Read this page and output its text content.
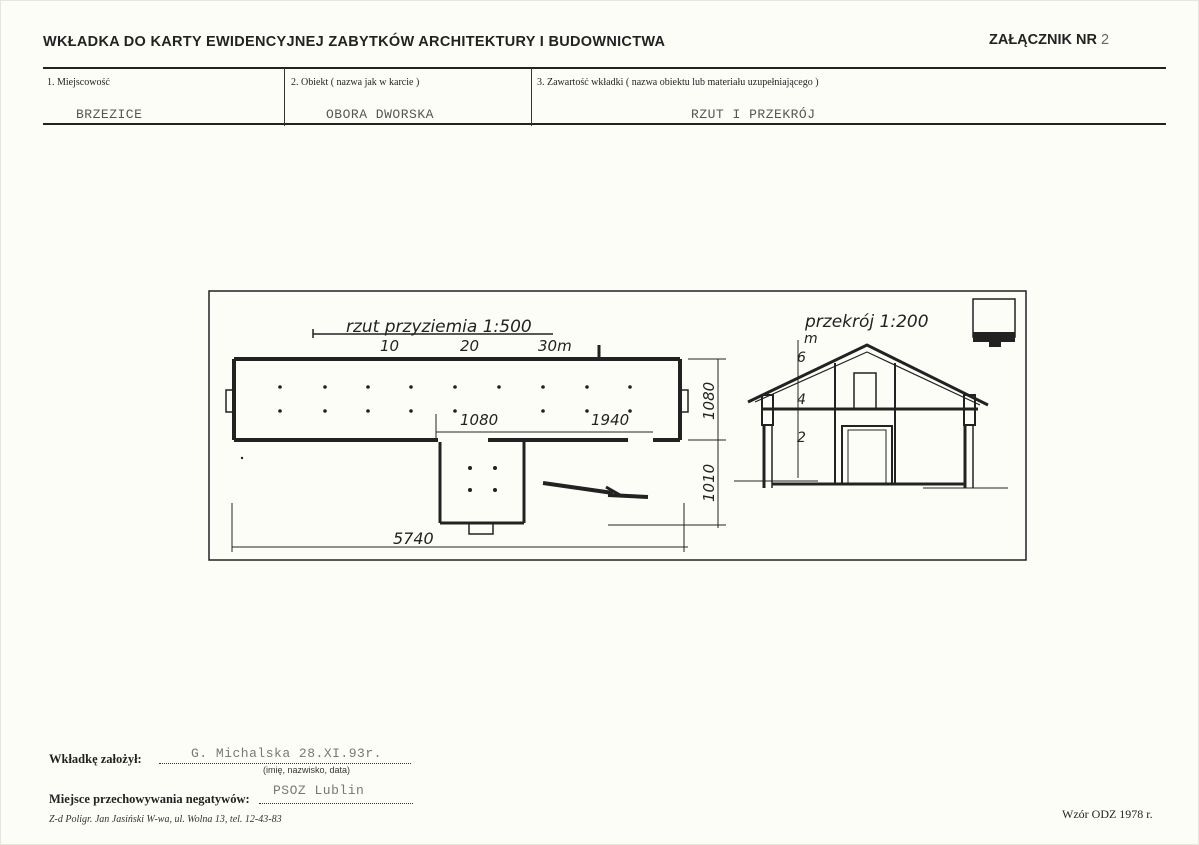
WKŁADKA DO KARTY EWIDENCYJNEJ ZABYTKÓW ARCHITEKTURY I BUDOWNICTWA	ZAŁĄCZNIK NR 2
1. Miejscowość
BRZEZICE
2. Obiekt ( nazwa jak w karcie )
OBORA DWORSKA
3. Zawartość wkładki ( nazwa obiektu lub materiału uzupełniającego )
RZUT I PRZEKRÓJ
rzut przyziemia 1:500
10	20	30m
1080	1940	1080
1010
5740
przekrój 1:200
m
6
4
2
Wkładkę założył:	G. Michalska 28.XI.93r.
(imię, nazwisko, data)
Miejsce przechowywania negatywów:
PSOZ Lublin
Z-d Poligr. Jan Jasiński W-wa, ul. Wolna 13, tel. 12-43-83	Wzór ODZ 1978 r.
